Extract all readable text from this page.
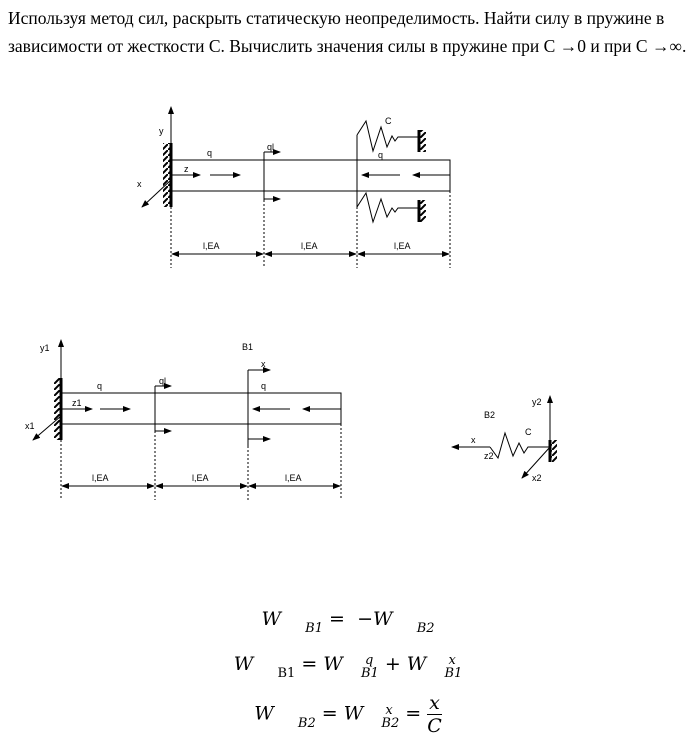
Используя метод сил, раскрыть статическую неопределимость. Найти силу в пружине в зависимости от жесткости С. Вычислить значения силы в пружине при С →0 и при С →∞.
y
x
z
q
ql
C
q
l,EA	l,EA	l,EA
y1
x1
z1
q	ql
B1
x
q
l,EA	l,EA	l,EA
B2
x
z2
C
y2
x2
W $_{B1}$ = −W $_{B2}$
W $_{B1}$ = W	q
B1 + W	x
B1
W $_{B2}$ = W	x
$B2 = \frac{x}{C}$
